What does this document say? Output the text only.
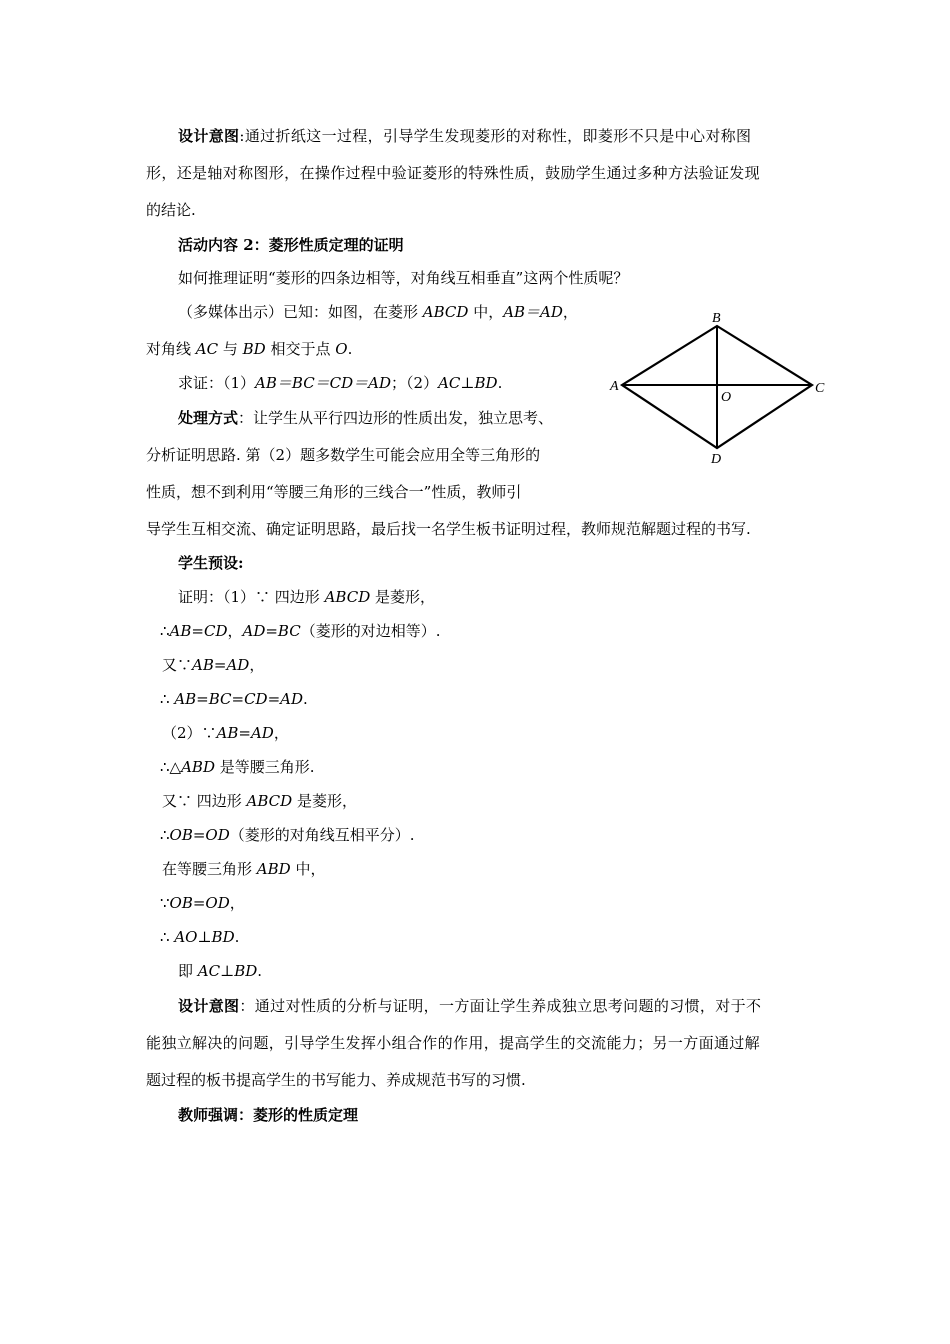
设计意图:通过折纸这一过程，引导学生发现菱形的对称性，即菱形不只是中心对称图
形，还是轴对称图形，在操作过程中验证菱形的特殊性质，鼓励学生通过多种方法验证发现
的结论.
活动内容 2：菱形性质定理的证明
如何推理证明“菱形的四条边相等，对角线互相垂直”这两个性质呢？
（多媒体出示）已知：如图，在菱形 ABCD 中，AB＝AD，
对角线 AC 与 BD 相交于点 O.
求证：（1）AB＝BC＝CD＝AD；（2）AC⊥BD.
处理方式：让学生从平行四边形的性质出发，独立思考、
分析证明思路. 第（2）题多数学生可能会应用全等三角形的
性质，想不到利用“等腰三角形的三线合一”性质，教师引
导学生互相交流、确定证明思路，最后找一名学生板书证明过程，教师规范解题过程的书写.
A
B
C
D
O
学生预设:
证明：（1）∵ 四边形 ABCD 是菱形，
∴AB=CD，AD=BC（菱形的对边相等）.
又∵AB=AD，
∴ AB=BC=CD=AD.
（2）∵AB=AD，
∴△ABD 是等腰三角形.
又∵ 四边形 ABCD 是菱形，
∴OB=OD（菱形的对角线互相平分）.
在等腰三角形 ABD 中，
∵OB=OD，
∴ AO⊥BD.
即 AC⊥BD.
设计意图：通过对性质的分析与证明，一方面让学生养成独立思考问题的习惯，对于不
能独立解决的问题，引导学生发挥小组合作的作用，提高学生的交流能力；另一方面通过解
题过程的板书提高学生的书写能力、养成规范书写的习惯.
教师强调：菱形的性质定理
